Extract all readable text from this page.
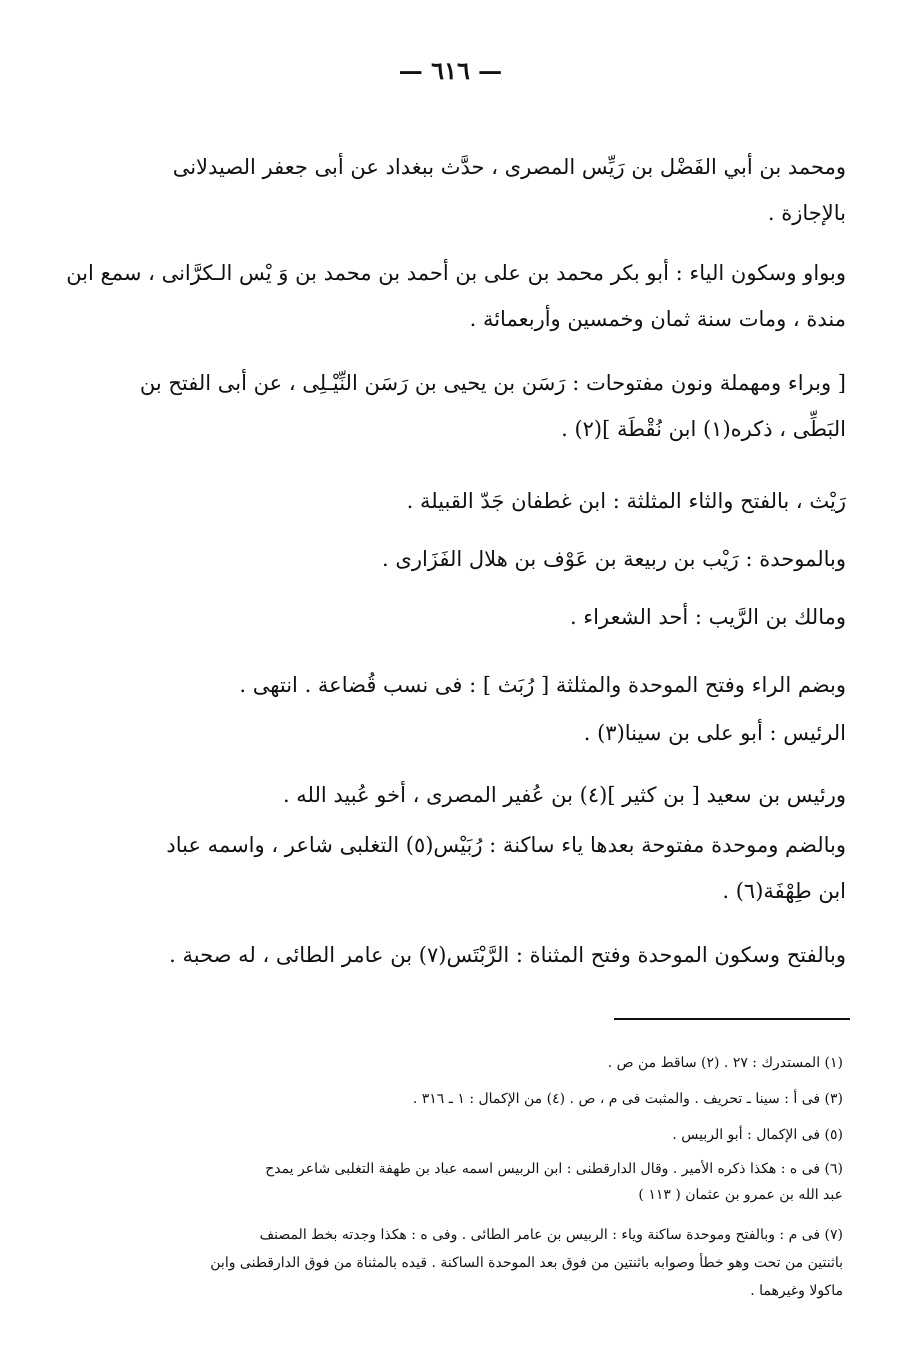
— ٦١٦ —
ومحمد بن أبي الفَضْل بن رَيِّس المصرى ، حدَّث ببغداد عن أبى جعفر الصيدلانى
بالإجازة .
وبواو وسكون الياء : أبو بكر محمد بن على بن أحمد بن محمد بن وَ يْس الـكرَّانى ، سمع ابن
مندة ، ومات سنة ثمان وخمسين وأربعمائة .
[ وبراء ومهملة ونون مفتوحات : رَسَن بن يحيى بن رَسَن النِّيْـلِى ، عن أبى الفتح بن
البَطِّى ، ذكره(١) ابن نُقْطَة ](٢) .
رَيْث ، بالفتح والثاء المثلثة : ابن غطفان جَدّ القبيلة .
وبالموحدة : رَيْب بن ربيعة بن عَوْف بن هلال الفَزَارى .
ومالك بن الرَّيب : أحد الشعراء .
وبضم الراء وفتح الموحدة والمثلثة [ رُبَث ] : فى نسب قُضاعة . انتهى .
الرئيس : أبو على بن سينا(٣) .
ورئيس بن سعيد [ بن كثير ](٤) بن عُفير المصرى ، أخو عُبيد الله .
وبالضم وموحدة مفتوحة بعدها ياء ساكنة : رُبَيْس(٥) التغلبى شاعر ، واسمه عباد
ابن طِهْفَة(٦) .
وبالفتح وسكون الموحدة وفتح المثناة : الرَّبْتَس(٧) بن عامر الطائى ، له صحبة .
(١) المستدرك : ٢٧ . (٢) ساقط من ص .
(٣) فى أ : سينا ـ تحريف . والمثبت فى م ، ص . (٤) من الإكمال : ١ ـ ٣١٦ .
(٥) فى الإكمال : أبو الربيس .
(٦) فى ه : هكذا ذكره الأمير . وقال الدارقطنى : ابن الربيس اسمه عباد بن طهفة التغلبى شاعر يمدح
عبد الله بن عمرو بن عثمان ( ١١٣ )
(٧) فى م : وبالفتح وموحدة ساكنة وياء : الربيس بن عامر الطائى . وفى ه : هكذا وجدته بخط المصنف
باثنتين من تحت وهو خطأ وصوابه باثنتين من فوق بعد الموحدة الساكنة . قيده بالمثناة من فوق الدارقطنى وابن
ماكولا وغيرهما .
